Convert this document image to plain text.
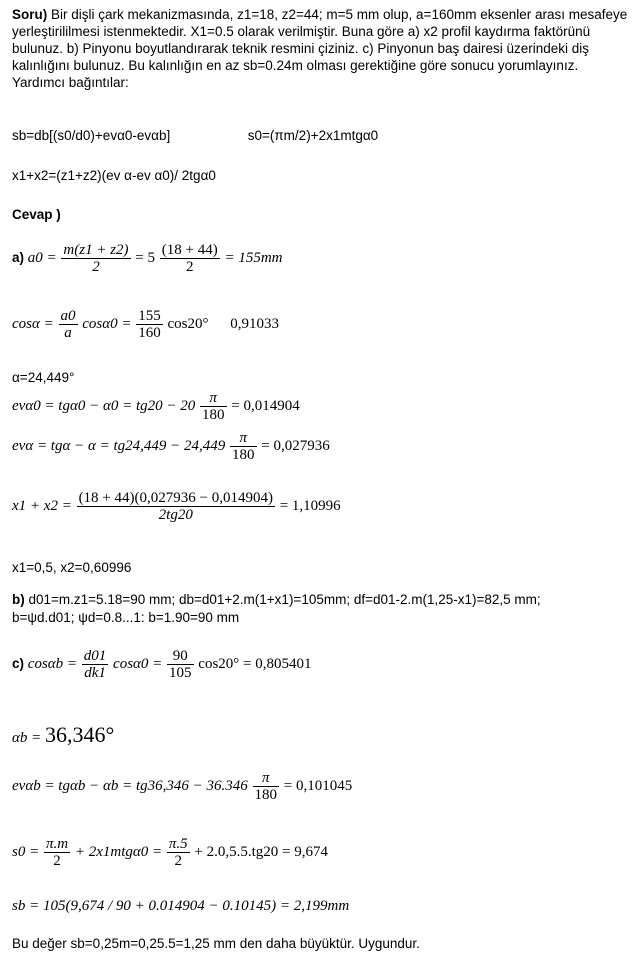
Soru) Bir dişli çark mekanizmasında, z1=18, z2=44; m=5 mm olup, a=160mm eksenler arası mesafeye yerleştirililmesi istenmektedir. X1=0.5 olarak verilmiştir. Buna göre a) x2 profil kaydırma faktörünü bulunuz. b) Pinyonu boyutlandırarak teknik resmini çiziniz. c) Pinyonun baş dairesi üzerindeki diş kalınlığını bulunuz. Bu kalınlığın en az sb=0.24m olması gerektiğine göre sonucu yorumlayınız. Yardımcı bağıntılar:
sb=db[(s0/d0)+evα0-evαb]	s0=(πm/2)+2x1mtgα0
x1+x2=(z1+z2)(ev α-ev α0)/ 2tgα0
Cevap )
a) $a0 = \frac{m(z1 + z2)}{2} = 5 \frac{(18 + 44)}{2} = 155mm$
$\cos\alpha = \frac{a0}{a} \cos\alpha 0 = \frac{155}{160} \cos 20^\circ$ 0,91033
α=24,449°
$ev\alpha 0 = tg\alpha 0 - \alpha 0 = tg20 - 20 \frac{\pi}{180} = 0,014904$
$ev\alpha = tg\alpha - \alpha = tg24,449 - 24,449 \frac{\pi}{180} = 0,027936$
$x1 + x2 = \frac{(18 + 44)(0,027936 - 0,014904)}{2tg20} = 1,10996$
x1=0,5, x2=0,60996
b) d01=m.z1=5.18=90 mm; db=d01+2.m(1+x1)=105mm; df=d01-2.m(1,25-x1)=82,5 mm;
b=ψd.d01; ψd=0.8...1: b=1.90=90 mm
c) $\cos\alpha b = \frac{d01}{dk1} \cos\alpha 0 = \frac{90}{105} \cos 20^\circ = 0,805401$
αb = 36,346°
$ev\alpha b = tg\alpha b - \alpha b = tg36,346 - 36.346 \frac{\pi}{180} = 0,101045$
$s0 = \frac{\pi.m}{2} + 2x1mtg\alpha 0 = \frac{\pi.5}{2} + 2.0,5.5.tg20 = 9,674$
sb = 105(9,674 / 90 + 0.014904 − 0.10145) = 2,199mm
Bu değer sb=0,25m=0,25.5=1,25 mm den daha büyüktür. Uygundur.
